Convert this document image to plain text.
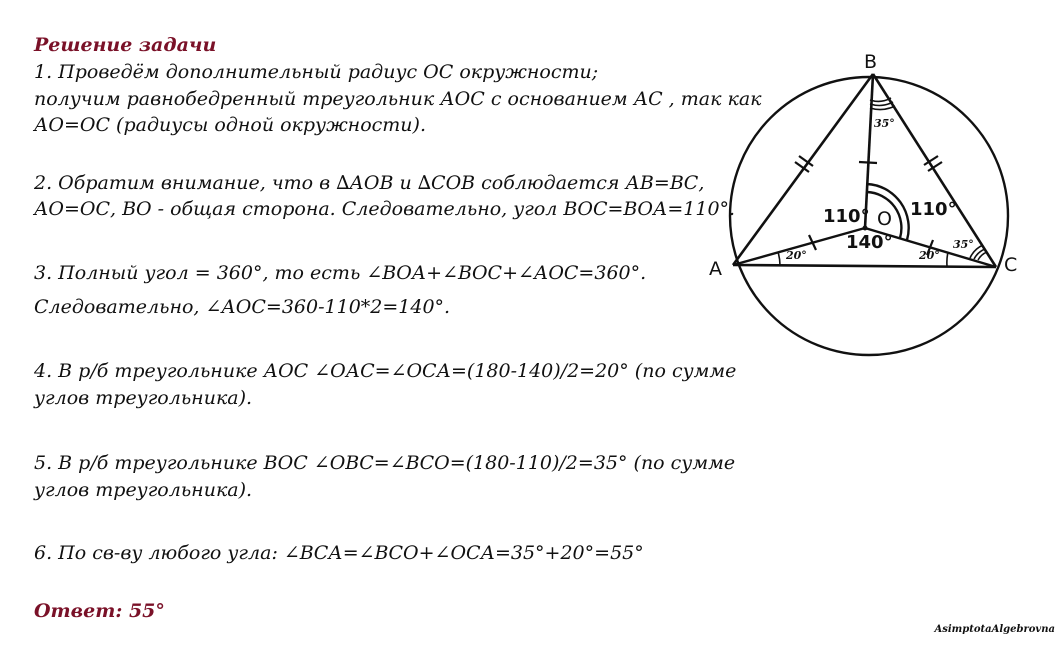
Решение задачи
1. Проведём дополнительный радиус ОС окружности;
получим равнобедренный треугольник АОС с основанием АС , так как
АО=ОС (радиусы одной окружности).
2. Обратим внимание, что в ∆АОВ и ∆СОВ соблюдается АВ=ВС,
АО=ОС, ВО - общая сторона. Следовательно, угол ВОС=ВОА=110°.
3. Полный угол = 360°, то есть ∠ВОА+∠ВОС+∠АОС=360°.
Следовательно, ∠АОС=360-110*2=140°.
4. В р/б треугольнике АОС ∠ОАС=∠ОСА=(180-140)/2=20° (по сумме
углов треугольника).
5. В р/б треугольнике ВОС ∠ОВС=∠ВСО=(180-110)/2=35° (по сумме
углов треугольника).
6. По св-ву любого угла: ∠ВСА=∠ВСО+∠ОСА=35°+20°=55°
Ответ: 55°
B
A	C
O
110° 110°
140°
20°	20°
35°
35°
AsimptotaAlgebrovna
